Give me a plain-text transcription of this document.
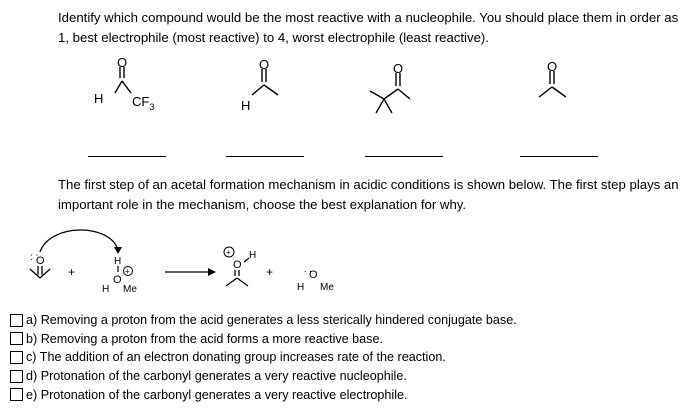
Identify which compound would be the most reactive with a nucleophile. You should place them in order as 1, best electrophile (most reactive) to 4, worst electrophile (least reactive).
O
H $CF_3$
O
H
O	O
The first step of an acetal formation mechanism in acidic conditions is shown below. The first step plays an important role in the mechanism, choose the best explanation for why.
O
: :
+
H
O
+
H Me
+
O
H
+	O
. .
H Me
a) Removing a proton from the acid generates a less sterically hindered conjugate base.
b) Removing a proton from the acid forms a more reactive base.
c) The addition of an electron donating group increases rate of the reaction.
d) Protonation of the carbonyl generates a very reactive nucleophile.
e) Protonation of the carbonyl generates a very reactive electrophile.
